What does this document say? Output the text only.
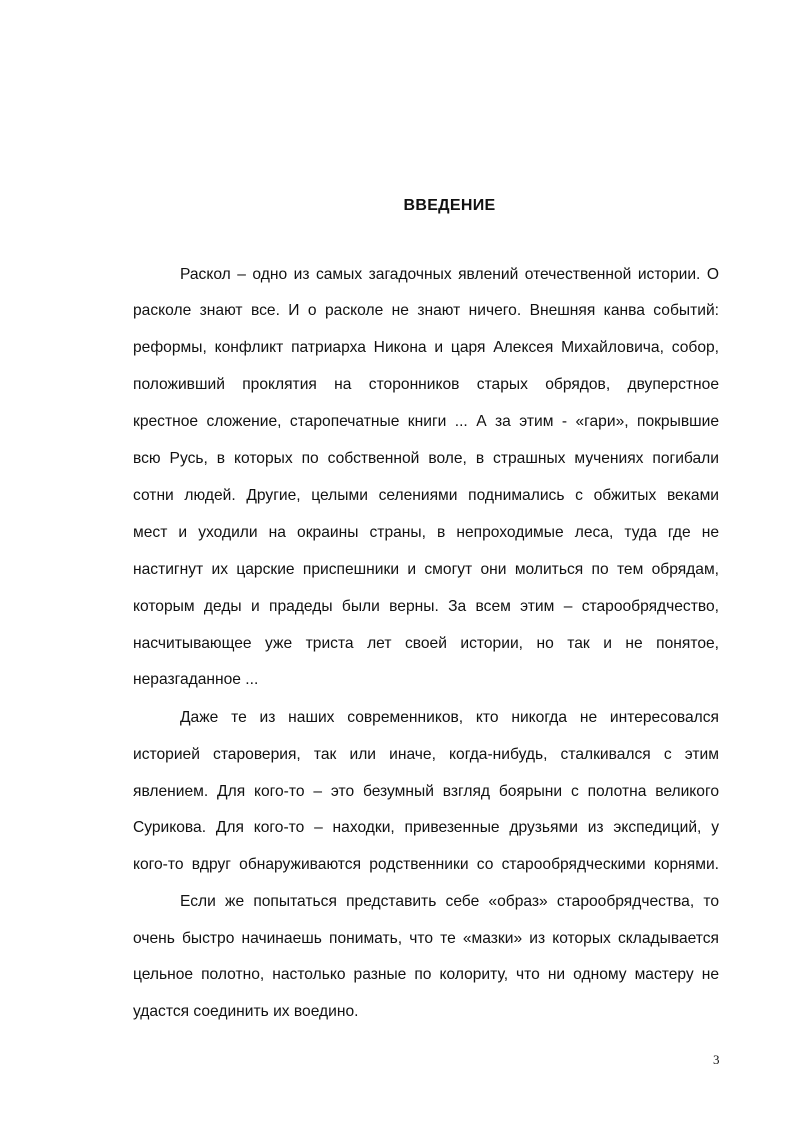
ВВЕДЕНИЕ
Раскол – одно из самых загадочных явлений отечественной истории. О
расколе знают все. И о расколе не знают ничего. Внешняя канва событий:
реформы, конфликт патриарха Никона и царя Алексея Михайловича, собор,
положивший проклятия на сторонников старых обрядов, двуперстное
крестное сложение, старопечатные книги ... А за этим - «гари», покрывшие
всю Русь, в которых по собственной воле, в страшных мучениях погибали
сотни людей. Другие, целыми селениями поднимались с обжитых веками
мест и уходили на окраины страны, в непроходимые леса, туда где не
настигнут их царские приспешники и смогут они молиться по тем обрядам,
которым деды и прадеды были верны. За всем этим – старообрядчество,
насчитывающее уже триста лет своей истории, но так и не понятое,
неразгаданное ...
Даже те из наших современников, кто никогда не интересовался
историей староверия, так или иначе, когда-нибудь, сталкивался с этим
явлением. Для кого-то – это безумный взгляд боярыни с полотна великого
Сурикова. Для кого-то – находки, привезенные друзьями из экспедиций, у
кого-то вдруг обнаруживаются родственники со старообрядческими корнями.
Если же попытаться представить себе «образ» старообрядчества, то
очень быстро начинаешь понимать, что те «мазки» из которых складывается
цельное полотно, настолько разные по колориту, что ни одному мастеру не
удастся соединить их воедино.
3
